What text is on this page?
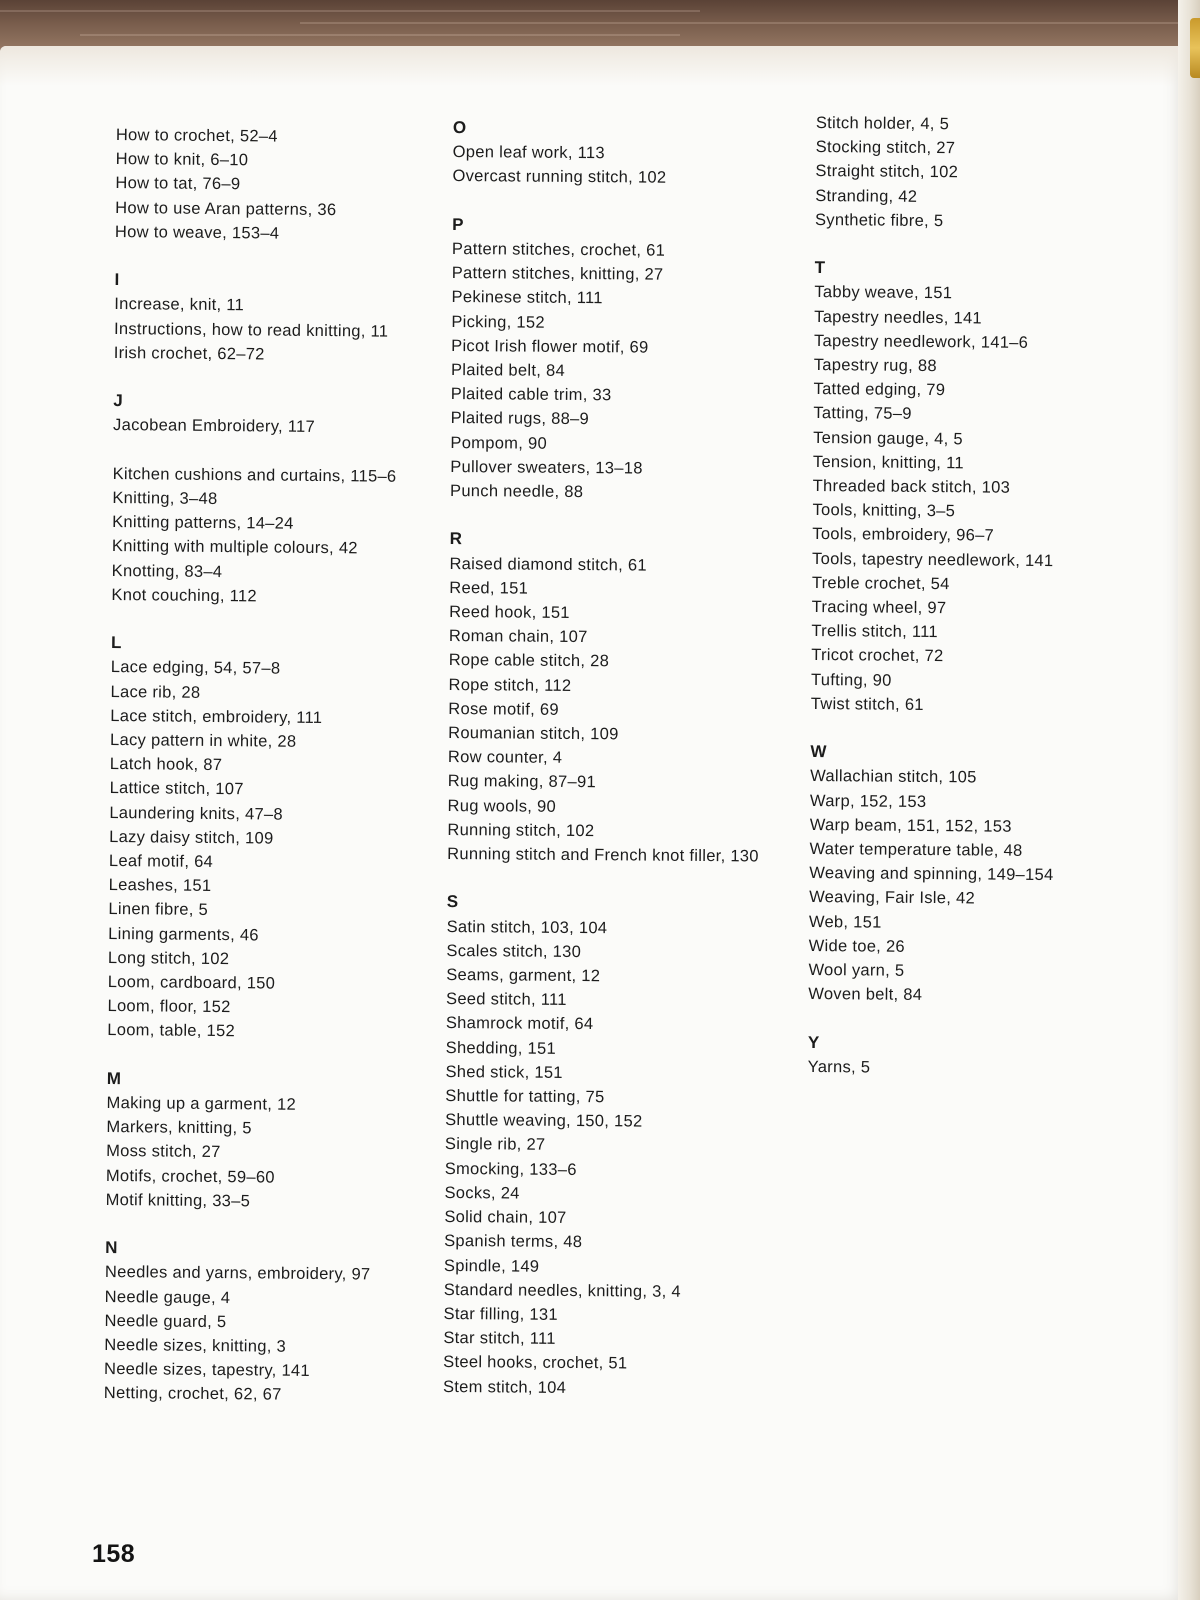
How to crochet, 52–4
How to knit, 6–10
How to tat, 76–9
How to use Aran patterns, 36
How to weave, 153–4
I
Increase, knit, 11
Instructions, how to read knitting, 11
Irish crochet, 62–72
J
Jacobean Embroidery, 117
Kitchen cushions and curtains, 115–6
Knitting, 3–48
Knitting patterns, 14–24
Knitting with multiple colours, 42
Knotting, 83–4
Knot couching, 112
L
Lace edging, 54, 57–8
Lace rib, 28
Lace stitch, embroidery, 111
Lacy pattern in white, 28
Latch hook, 87
Lattice stitch, 107
Laundering knits, 47–8
Lazy daisy stitch, 109
Leaf motif, 64
Leashes, 151
Linen fibre, 5
Lining garments, 46
Long stitch, 102
Loom, cardboard, 150
Loom, floor, 152
Loom, table, 152
M
Making up a garment, 12
Markers, knitting, 5
Moss stitch, 27
Motifs, crochet, 59–60
Motif knitting, 33–5
N
Needles and yarns, embroidery, 97
Needle gauge, 4
Needle guard, 5
Needle sizes, knitting, 3
Needle sizes, tapestry, 141
Netting, crochet, 62, 67
O
Open leaf work, 113
Overcast running stitch, 102
P
Pattern stitches, crochet, 61
Pattern stitches, knitting, 27
Pekinese stitch, 111
Picking, 152
Picot Irish flower motif, 69
Plaited belt, 84
Plaited cable trim, 33
Plaited rugs, 88–9
Pompom, 90
Pullover sweaters, 13–18
Punch needle, 88
R
Raised diamond stitch, 61
Reed, 151
Reed hook, 151
Roman chain, 107
Rope cable stitch, 28
Rope stitch, 112
Rose motif, 69
Roumanian stitch, 109
Row counter, 4
Rug making, 87–91
Rug wools, 90
Running stitch, 102
Running stitch and French knot filler, 130
S
Satin stitch, 103, 104
Scales stitch, 130
Seams, garment, 12
Seed stitch, 111
Shamrock motif, 64
Shedding, 151
Shed stick, 151
Shuttle for tatting, 75
Shuttle weaving, 150, 152
Single rib, 27
Smocking, 133–6
Socks, 24
Solid chain, 107
Spanish terms, 48
Spindle, 149
Standard needles, knitting, 3, 4
Star filling, 131
Star stitch, 111
Steel hooks, crochet, 51
Stem stitch, 104
Stitch holder, 4, 5
Stocking stitch, 27
Straight stitch, 102
Stranding, 42
Synthetic fibre, 5
T
Tabby weave, 151
Tapestry needles, 141
Tapestry needlework, 141–6
Tapestry rug, 88
Tatted edging, 79
Tatting, 75–9
Tension gauge, 4, 5
Tension, knitting, 11
Threaded back stitch, 103
Tools, knitting, 3–5
Tools, embroidery, 96–7
Tools, tapestry needlework, 141
Treble crochet, 54
Tracing wheel, 97
Trellis stitch, 111
Tricot crochet, 72
Tufting, 90
Twist stitch, 61
W
Wallachian stitch, 105
Warp, 152, 153
Warp beam, 151, 152, 153
Water temperature table, 48
Weaving and spinning, 149–154
Weaving, Fair Isle, 42
Web, 151
Wide toe, 26
Wool yarn, 5
Woven belt, 84
Y
Yarns, 5
158
